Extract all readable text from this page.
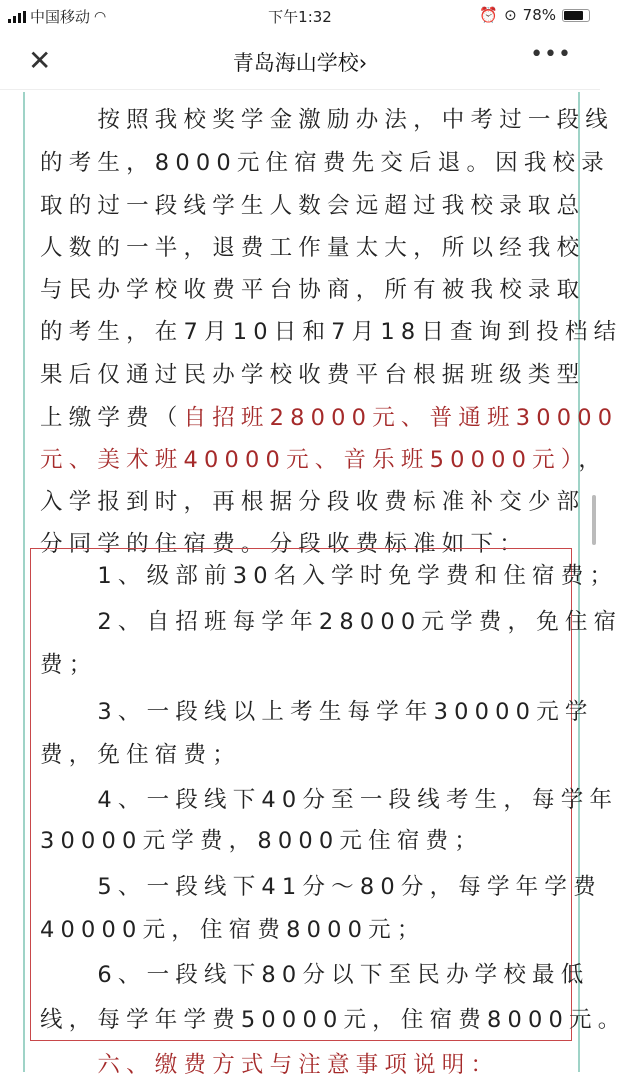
中国移动 ◠	下午1:32	⏰ ⊙ 78%
✕	青岛海山学校›	•••
　　按照我校奖学金激励办法，中考过一段线
的考生，8000元住宿费先交后退。因我校录
取的过一段线学生人数会远超过我校录取总
人数的一半，退费工作量太大，所以经我校
与民办学校收费平台协商，所有被我校录取
的考生，在7月10日和7月18日查询到投档结
果后仅通过民办学校收费平台根据班级类型
上缴学费（自招班28000元、普通班30000
元、美术班40000元、音乐班50000元），
入学报到时，再根据分段收费标准补交少部
分同学的住宿费。分段收费标准如下：
　　1、级部前30名入学时免学费和住宿费；
　　2、自招班每学年28000元学费，免住宿
费；
　　3、一段线以上考生每学年30000元学
费，免住宿费；
　　4、一段线下40分至一段线考生，每学年
30000元学费，8000元住宿费；
　　5、一段线下41分～80分，每学年学费
40000元，住宿费8000元；
　　6、一段线下80分以下至民办学校最低
线，每学年学费50000元，住宿费8000元。
　　六、缴费方式与注意事项说明：
